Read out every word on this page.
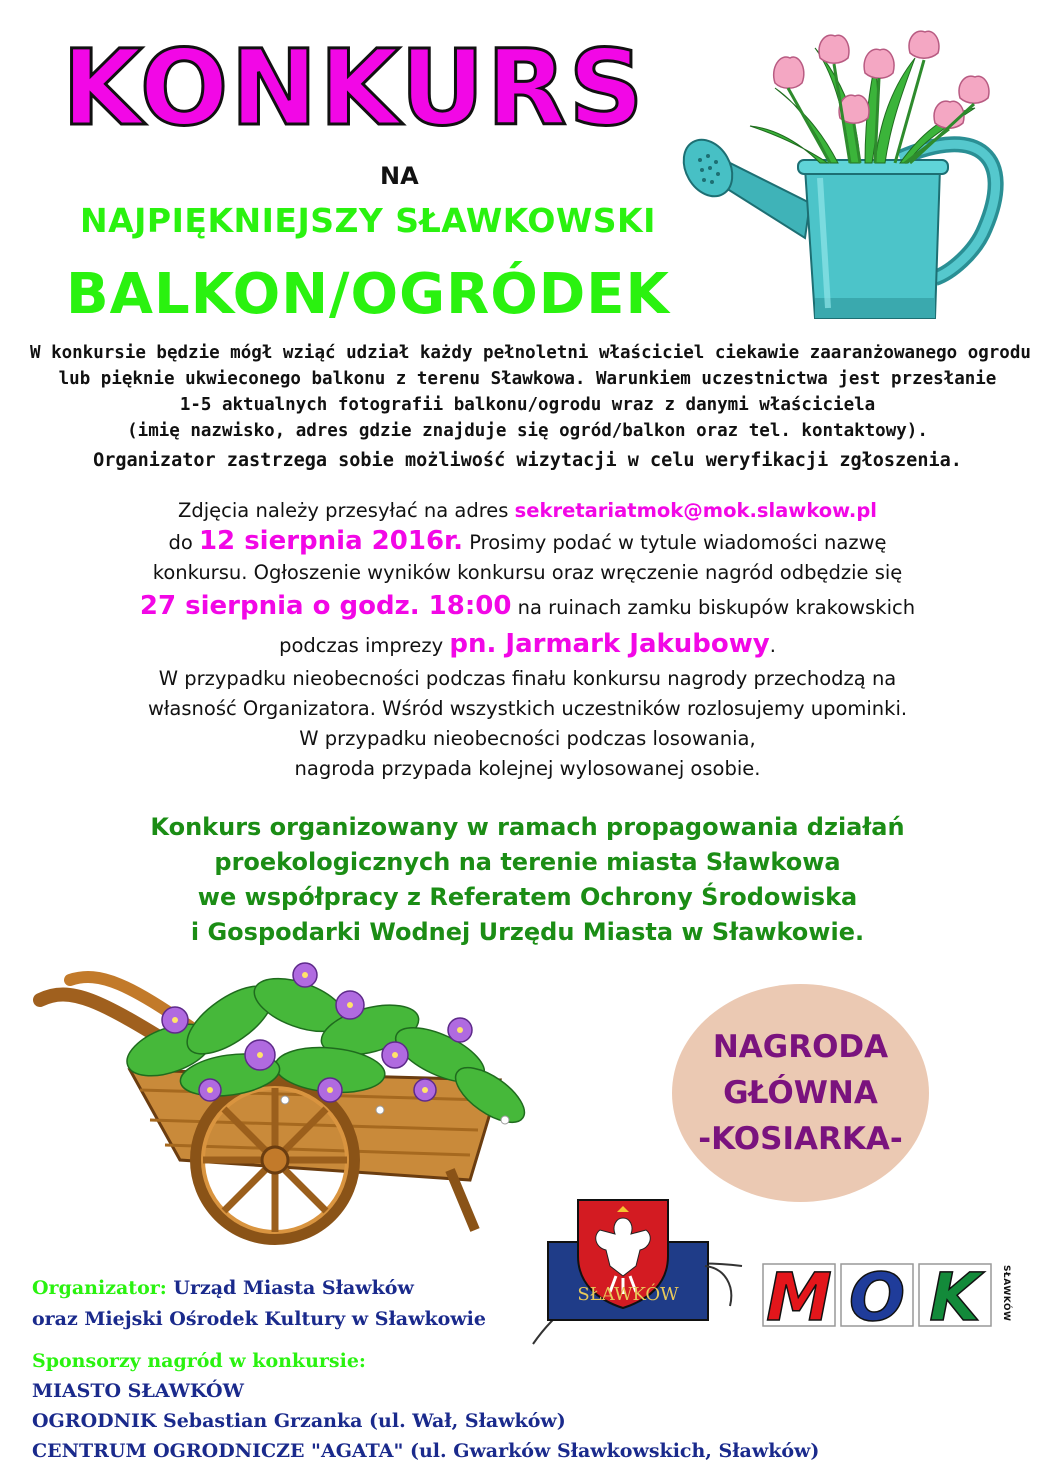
KONKURS
NA
NAJPIĘKNIEJSZY SŁAWKOWSKI
BALKON/OGRÓDEK
W konkursie będzie mógł wziąć udział każdy pełnoletni właściciel ciekawie zaaranżowanego ogrodu
lub pięknie ukwieconego balkonu z terenu Sławkowa. Warunkiem uczestnictwa jest przesłanie
1-5 aktualnych fotografii balkonu/ogrodu wraz z danymi właściciela
(imię nazwisko, adres gdzie znajduje się ogród/balkon oraz tel. kontaktowy).
Organizator zastrzega sobie możliwość wizytacji w celu weryfikacji zgłoszenia.
Zdjęcia należy przesyłać na adres sekretariatmok@mok.slawkow.pl
do 12 sierpnia 2016r. Prosimy podać w tytule wiadomości nazwę
konkursu. Ogłoszenie wyników konkursu oraz wręczenie nagród odbędzie się
27 sierpnia o godz. 18:00 na ruinach zamku biskupów krakowskich
podczas imprezy pn. Jarmark Jakubowy.
W przypadku nieobecności podczas finału konkursu nagrody przechodzą na
własność Organizatora. Wśród wszystkich uczestników rozlosujemy upominki.
W przypadku nieobecności podczas losowania,
nagroda przypada kolejnej wylosowanej osobie.
Konkurs organizowany w ramach propagowania działań
proekologicznych na terenie miasta Sławkowa
we współpracy z Referatem Ochrony Środowiska
i Gospodarki Wodnej Urzędu Miasta w Sławkowie.
NAGRODA
GŁÓWNA
-KOSIARKA-
SŁAWKÓW M O K	SŁAWKÓW
Organizator: Urząd Miasta Sławków
oraz Miejski Ośrodek Kultury w Sławkowie
Sponsorzy nagród w konkursie:
MIASTO SŁAWKÓW
OGRODNIK Sebastian Grzanka (ul. Wał, Sławków)
CENTRUM OGRODNICZE "AGATA" (ul. Gwarków Sławkowskich, Sławków)
